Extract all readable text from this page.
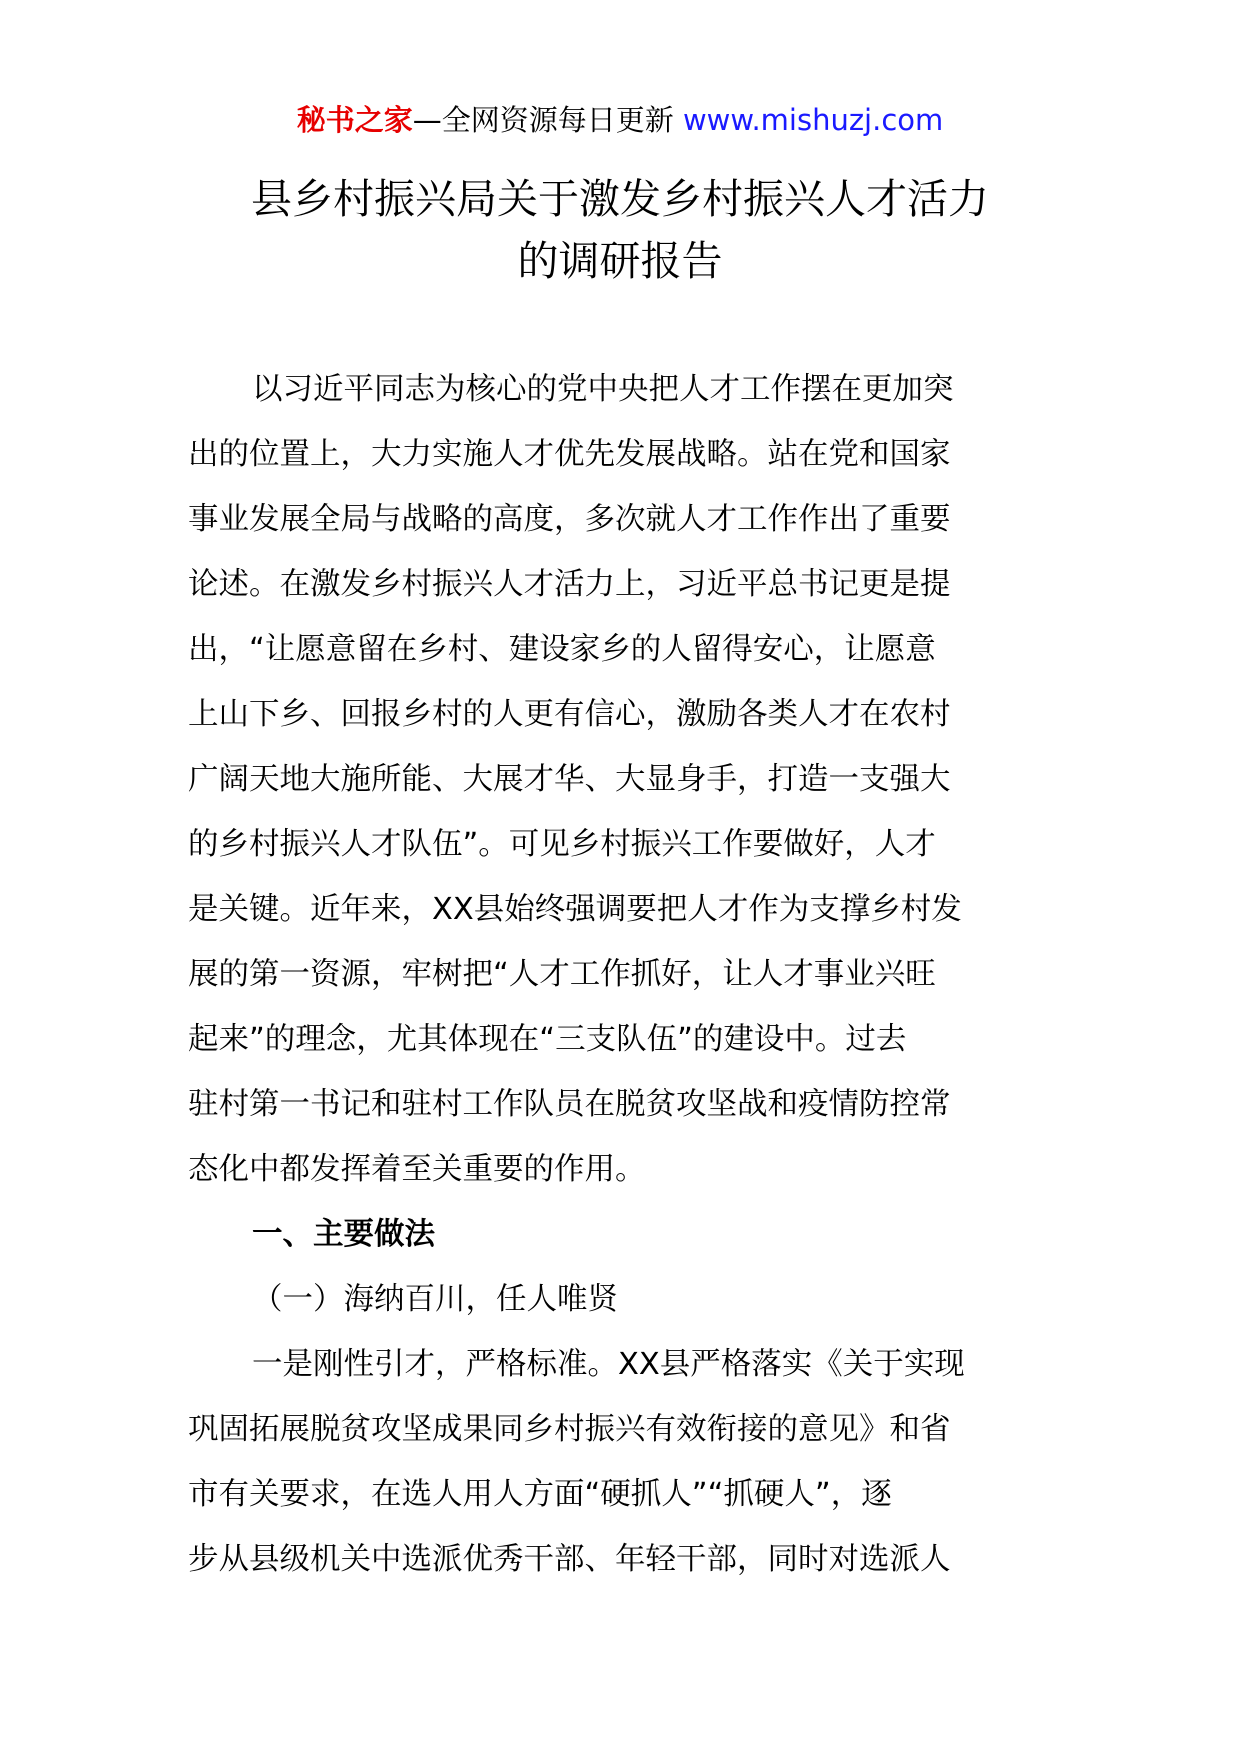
秘书之家—全网资源每日更新 www.mishuzj.com
县乡村振兴局关于激发乡村振兴人才活力
的调研报告
以习近平同志为核心的党中央把人才工作摆在更加突
出的位置上，大力实施人才优先发展战略。站在党和国家
事业发展全局与战略的高度，多次就人才工作作出了重要
论述。在激发乡村振兴人才活力上，习近平总书记更是提
出，“让愿意留在乡村、建设家乡的人留得安心，让愿意
上山下乡、回报乡村的人更有信心，激励各类人才在农村
广阔天地大施所能、大展才华、大显身手，打造一支强大
的乡村振兴人才队伍”。可见乡村振兴工作要做好，人才
是关键。近年来，XX县始终强调要把人才作为支撑乡村发
展的第一资源，牢树把“人才工作抓好，让人才事业兴旺
起来”的理念，尤其体现在“三支队伍”的建设中。过去
驻村第一书记和驻村工作队员在脱贫攻坚战和疫情防控常
态化中都发挥着至关重要的作用。
一、主要做法
（一）海纳百川，任人唯贤
一是刚性引才，严格标准。XX县严格落实《关于实现
巩固拓展脱贫攻坚成果同乡村振兴有效衔接的意见》和省
市有关要求，在选人用人方面“硬抓人”“抓硬人”，逐
步从县级机关中选派优秀干部、年轻干部，同时对选派人
